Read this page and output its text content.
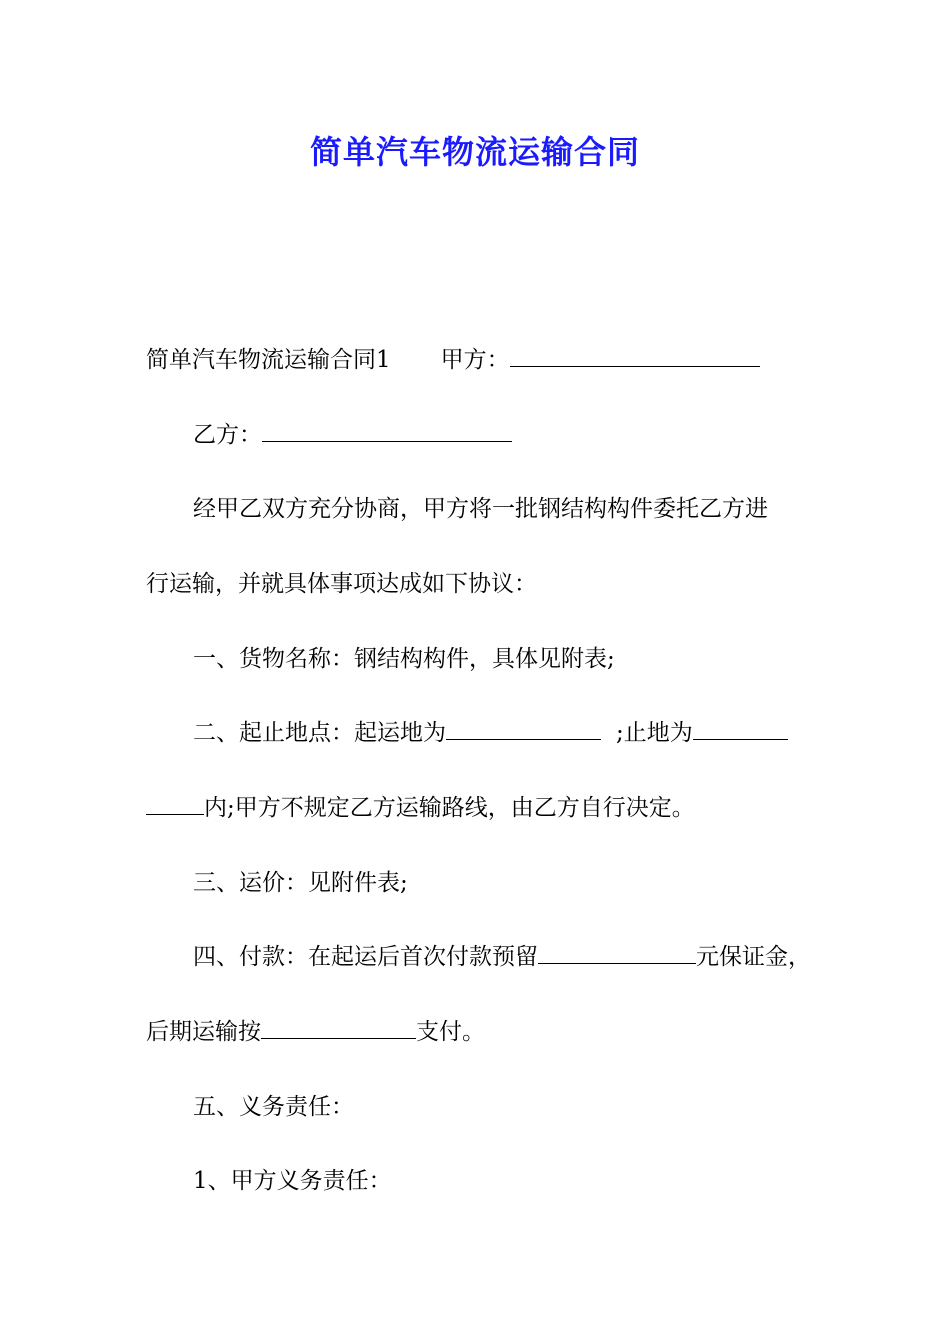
简单汽车物流运输合同
简单汽车物流运输合同1 甲方：
乙方：
经甲乙双方充分协商，甲方将一批钢结构构件委托乙方进
行运输，并就具体事项达成如下协议：
一、货物名称：钢结构构件，具体见附表;
二、起止地点：起运地为	;止地为
内;甲方不规定乙方运输路线，由乙方自行决定。
三、运价：见附件表;
四、付款：在起运后首次付款预留	元保证金，
后期运输按	支付。
五、义务责任：
1、甲方义务责任：
